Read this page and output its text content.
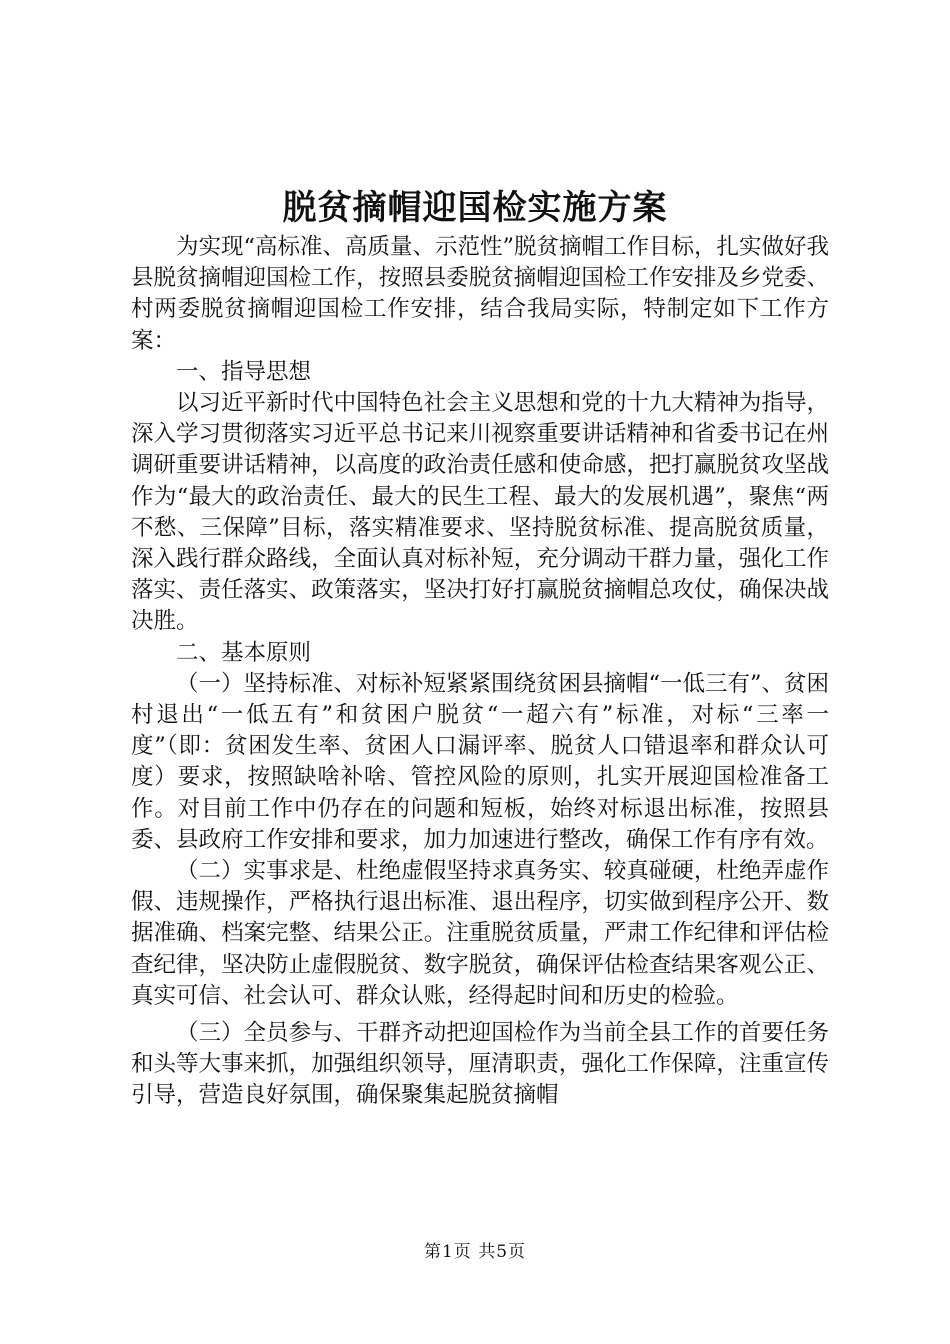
脱贫摘帽迎国检实施方案

为实现“高标准、高质量、示范性”脱贫摘帽工作目标，扎实做好我县脱贫摘帽迎国检工作，按照县委脱贫摘帽迎国检工作安排及乡党委、村两委脱贫摘帽迎国检工作安排，结合我局实际，特制定如下工作方案：

一、指导思想

以习近平新时代中国特色社会主义思想和党的十九大精神为指导，深入学习贯彻落实习近平总书记来川视察重要讲话精神和省委书记在州调研重要讲话精神，以高度的政治责任感和使命感，把打赢脱贫攻坚战作为“最大的政治责任、最大的民生工程、最大的发展机遇”，聚焦“两不愁、三保障”目标，落实精准要求、坚持脱贫标准、提高脱贫质量，深入践行群众路线，全面认真对标补短，充分调动干群力量，强化工作落实、责任落实、政策落实，坚决打好打赢脱贫摘帽总攻仗，确保决战决胜。

二、基本原则

（一）坚持标准、对标补短紧紧围绕贫困县摘帽“一低三有”、贫困村退出“一低五有”和贫困户脱贫“一超六有”标准，对标“三率一度”（即：贫困发生率、贫困人口漏评率、脱贫人口错退率和群众认可度）要求，按照缺啥补啥、管控风险的原则，扎实开展迎国检准备工作。对目前工作中仍存在的问题和短板，始终对标退出标准，按照县委、县政府工作安排和要求，加力加速进行整改，确保工作有序有效。

（二）实事求是、杜绝虚假坚持求真务实、较真碰硬，杜绝弄虚作假、违规操作，严格执行退出标准、退出程序，切实做到程序公开、数据准确、档案完整、结果公正。注重脱贫质量，严肃工作纪律和评估检查纪律，坚决防止虚假脱贫、数字脱贫，确保评估检查结果客观公正、真实可信、社会认可、群众认账，经得起时间和历史的检验。

（三）全员参与、干群齐动把迎国检作为当前全县工作的首要任务和头等大事来抓，加强组织领导，厘清职责，强化工作保障，注重宣传引导，营造良好氛围，确保聚集起脱贫摘帽

第1页 共5页
